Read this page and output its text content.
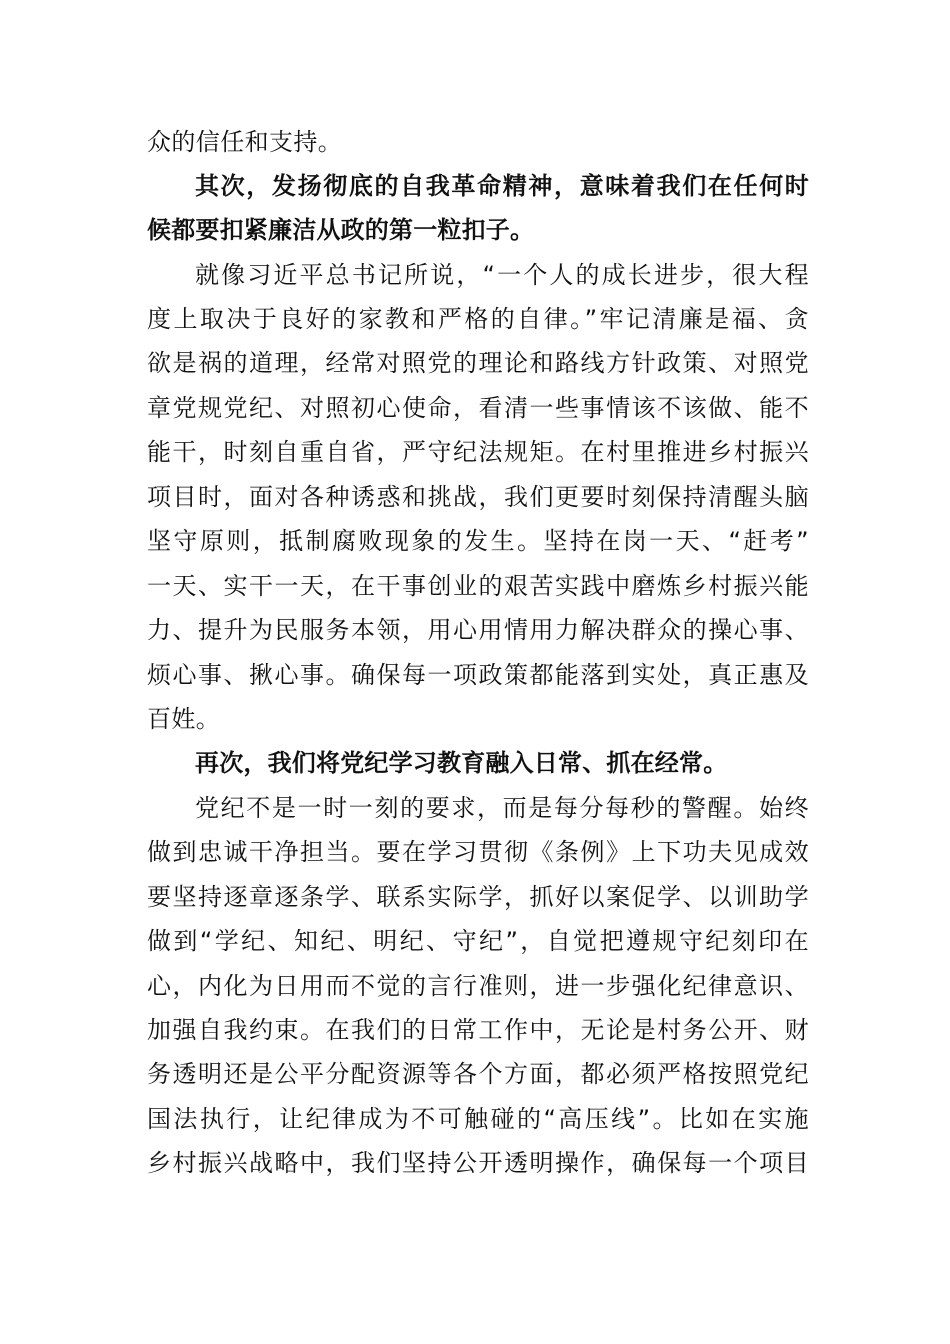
众的信任和支持。
其次，发扬彻底的自我革命精神，意味着我们在任何时
候都要扣紧廉洁从政的第一粒扣子。
就像习近平总书记所说，“一个人的成长进步，很大程
度上取决于良好的家教和严格的自律。”牢记清廉是福、贪
欲是祸的道理，经常对照党的理论和路线方针政策、对照党
章党规党纪、对照初心使命，看清一些事情该不该做、能不
能干，时刻自重自省，严守纪法规矩。在村里推进乡村振兴
项目时，面对各种诱惑和挑战，我们更要时刻保持清醒头脑
坚守原则，抵制腐败现象的发生。坚持在岗一天、“赶考”
一天、实干一天，在干事创业的艰苦实践中磨炼乡村振兴能
力、提升为民服务本领，用心用情用力解决群众的操心事、
烦心事、揪心事。确保每一项政策都能落到实处，真正惠及
百姓。
再次，我们将党纪学习教育融入日常、抓在经常。
党纪不是一时一刻的要求，而是每分每秒的警醒。始终
做到忠诚干净担当。要在学习贯彻《条例》上下功夫见成效
要坚持逐章逐条学、联系实际学，抓好以案促学、以训助学
做到“学纪、知纪、明纪、守纪”，自觉把遵规守纪刻印在
心，内化为日用而不觉的言行准则，进一步强化纪律意识、
加强自我约束。在我们的日常工作中，无论是村务公开、财
务透明还是公平分配资源等各个方面，都必须严格按照党纪
国法执行，让纪律成为不可触碰的“高压线”。比如在实施
乡村振兴战略中，我们坚持公开透明操作，确保每一个项目
